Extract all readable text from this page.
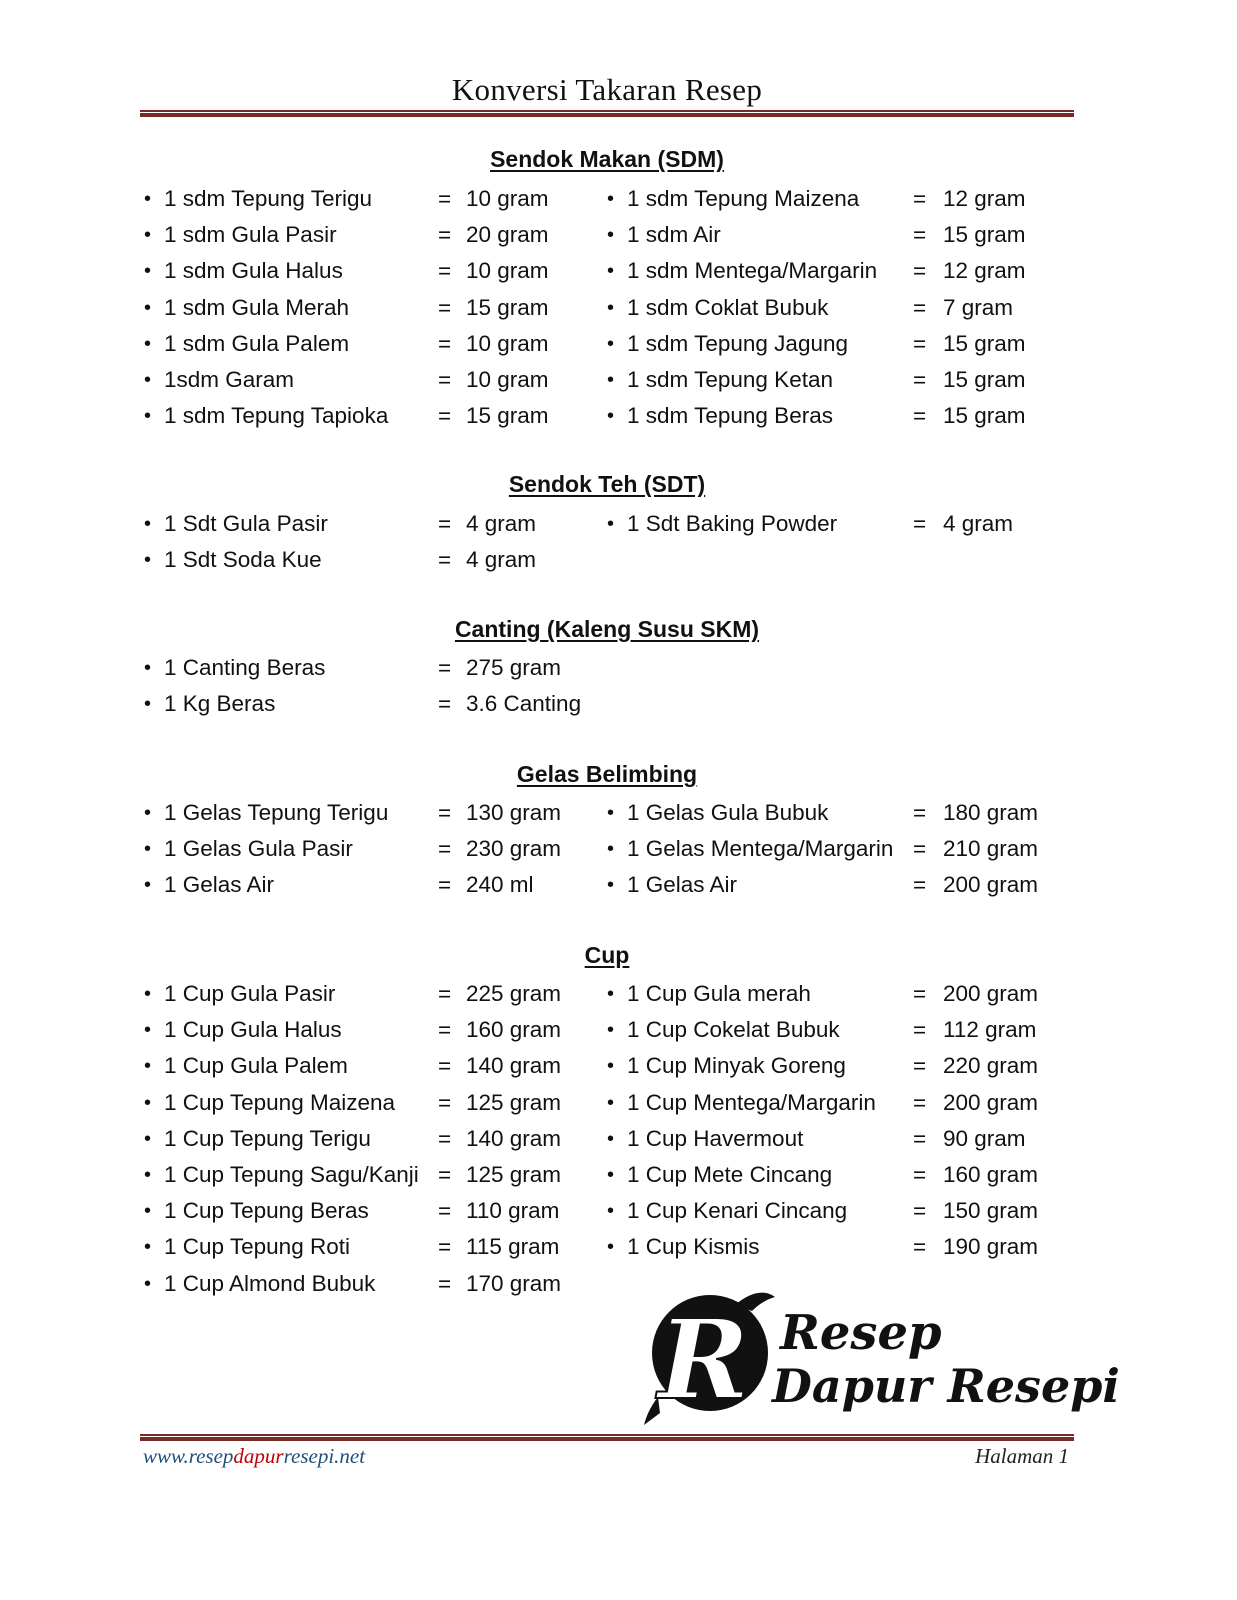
Konversi Takaran Resep
Sendok Makan (SDM)
• 1 sdm Tepung Terigu	= 10 gram
• 1 sdm Gula Pasir	= 20 gram
• 1 sdm Gula Halus	= 10 gram
• 1 sdm Gula Merah	= 15 gram
• 1 sdm Gula Palem	= 10 gram
• 1sdm Garam	= 10 gram
• 1 sdm Tepung Tapioka = 15 gram
• 1 sdm Tepung Maizena = 12 gram
• 1 sdm Air	= 15 gram
• 1 sdm Mentega/Margarin = 12 gram
• 1 sdm Coklat Bubuk	= 7 gram
• 1 sdm Tepung Jagung	= 15 gram
• 1 sdm Tepung Ketan	= 15 gram
• 1 sdm Tepung Beras	= 15 gram
Sendok Teh (SDT)
• 1 Sdt Gula Pasir	= 4 gram
• 1 Sdt Soda Kue	= 4 gram
• 1 Sdt Baking Powder	= 4 gram
Canting (Kaleng Susu SKM)
• 1 Canting Beras	= 275 gram
• 1 Kg Beras	= 3.6 Canting
Gelas Belimbing
• 1 Gelas Tepung Terigu = 130 gram
• 1 Gelas Gula Pasir	= 230 gram
• 1 Gelas Air	= 240 ml
• 1 Gelas Gula Bubuk	= 180 gram
• 1 Gelas Mentega/Margarin = 210 gram
• 1 Gelas Air	= 200 gram
Cup
• 1 Cup Gula Pasir	= 225 gram
• 1 Cup Gula Halus	= 160 gram
• 1 Cup Gula Palem	= 140 gram
• 1 Cup Tepung Maizena = 125 gram
• 1 Cup Tepung Terigu	= 140 gram
• 1 Cup Tepung Sagu/Kanji = 125 gram
• 1 Cup Tepung Beras	= 110 gram
• 1 Cup Tepung Roti	= 115 gram
• 1 Cup Almond Bubuk	= 170 gram
• 1 Cup Gula merah	= 200 gram
• 1 Cup Cokelat Bubuk	= 112 gram
• 1 Cup Minyak Goreng	= 220 gram
• 1 Cup Mentega/Margarin = 200 gram
• 1 Cup Havermout	= 90 gram
• 1 Cup Mete Cincang	= 160 gram
• 1 Cup Kenari Cincang	= 150 gram
• 1 Cup Kismis	= 190 gram
R Resep
Dapur Resepi
www.resepdapurresepi.net	Halaman 1
